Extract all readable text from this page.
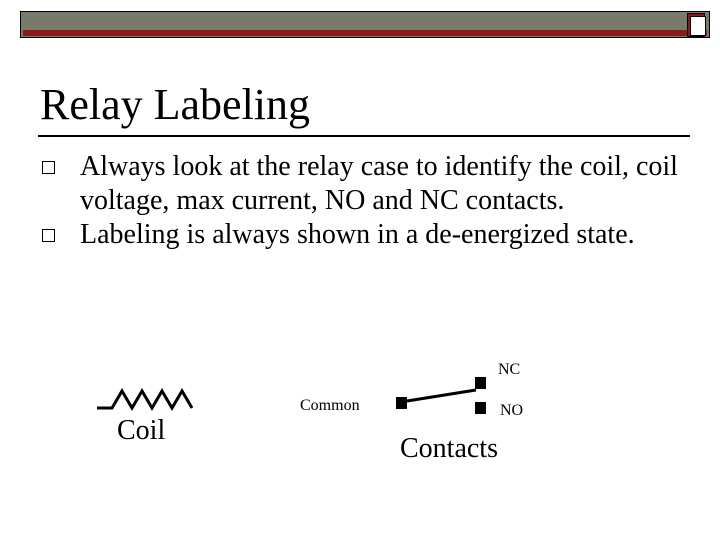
Relay Labeling
Always look at the relay case to identify the coil, coil voltage, max current, NO and NC contacts.
Labeling is always shown in a de-energized state.
Coil
Common
NC
NO
Contacts
